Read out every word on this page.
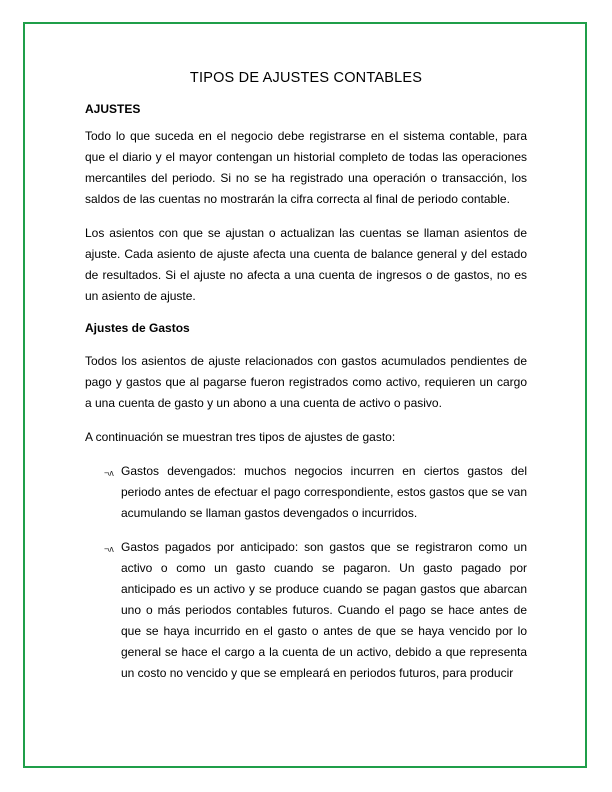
TIPOS DE AJUSTES CONTABLES
AJUSTES

Todo lo que suceda en el negocio debe registrarse en el sistema contable, para que el diario y el mayor contengan un historial completo de todas las operaciones mercantiles del periodo. Si no se ha registrado una operación o transacción, los saldos de las cuentas no mostrarán la cifra correcta al final de periodo contable.

Los asientos con que se ajustan o actualizan las cuentas se llaman asientos de ajuste. Cada asiento de ajuste afecta una cuenta de balance general y del estado de resultados. Si el ajuste no afecta a una cuenta de ingresos o de gastos, no es un asiento de ajuste.

Ajustes de Gastos

Todos los asientos de ajuste relacionados con gastos acumulados pendientes de pago y gastos que al pagarse fueron registrados como activo, requieren un cargo a una cuenta de gasto y un abono a una cuenta de activo o pasivo.

A continuación se muestran tres tipos de ajustes de gasto:

¬ʌ Gastos devengados: muchos negocios incurren en ciertos gastos del periodo antes de efectuar el pago correspondiente, estos gastos que se van acumulando se llaman gastos devengados o incurridos.
¬ʌ Gastos pagados por anticipado: son gastos que se registraron como un activo o como un gasto cuando se pagaron. Un gasto pagado por anticipado es un activo y se produce cuando se pagan gastos que abarcan uno o más periodos contables futuros. Cuando el pago se hace antes de que se haya incurrido en el gasto o antes de que se haya vencido por lo general se hace el cargo a la cuenta de un activo, debido a que representa un costo no vencido y que se empleará en periodos futuros, para producir
